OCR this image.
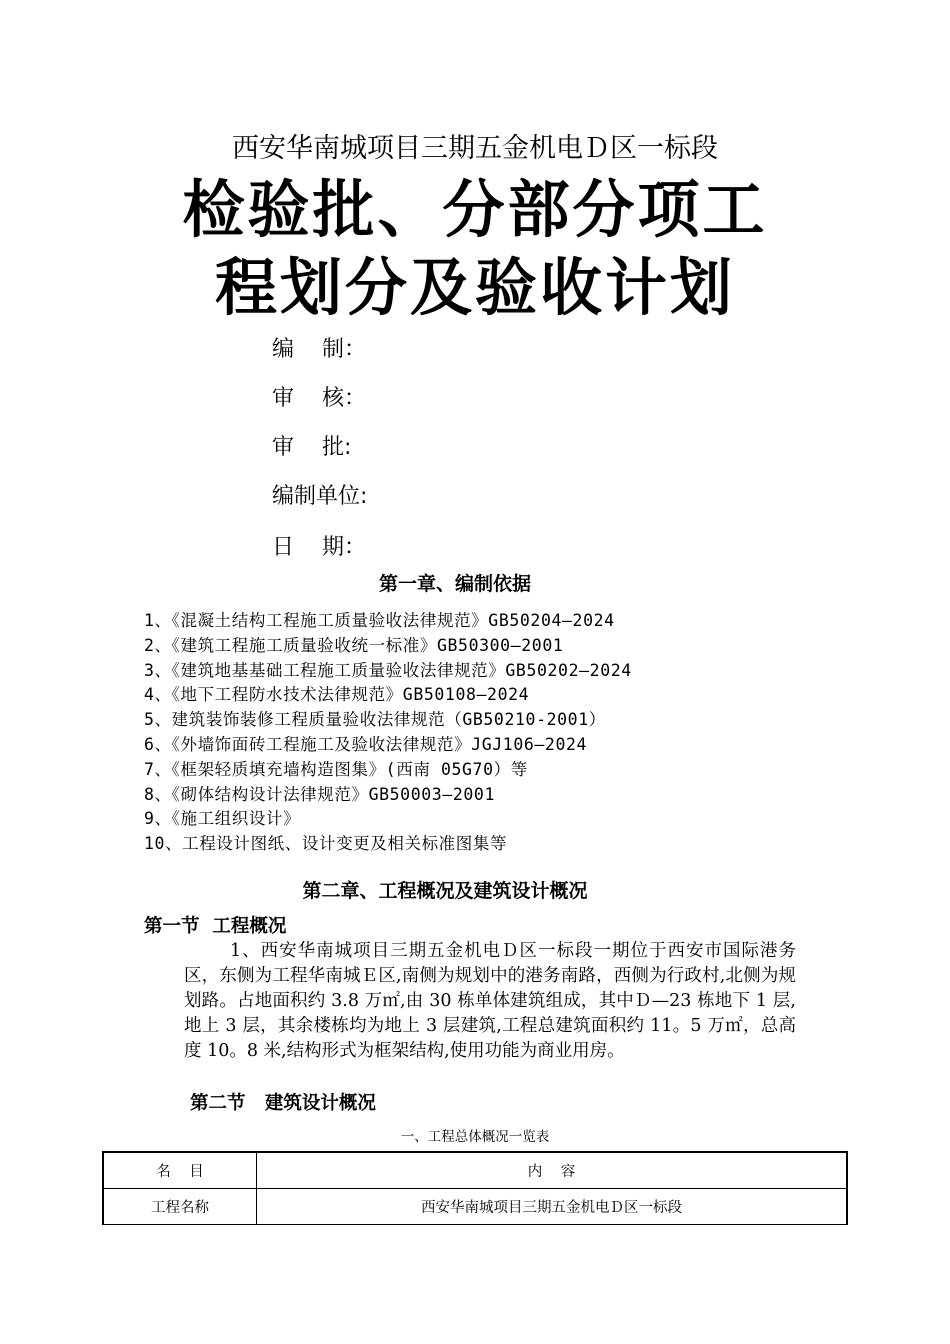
西安华南城项目三期五金机电Ｄ区一标段
检验批、分部分项工
程划分及验收计划
编    制：
审    核：
审    批:
编制单位:
日    期：
第一章、编制依据
1、《混凝土结构工程施工质量验收法律规范》GB50204—2024
2、《建筑工程施工质量验收统一标准》GB50300—2001
3、《建筑地基基础工程施工质量验收法律规范》GB50202—2024
4、《地下工程防水技术法律规范》GB50108—2024
5、建筑装饰装修工程质量验收法律规范（GB50210-2001）
6、《外墙饰面砖工程施工及验收法律规范》JGJ106—2024
7、《框架轻质填充墙构造图集》(西南 05G70）等
8、《砌体结构设计法律规范》GB50003—2001
9、《施工组织设计》
10、工程设计图纸、设计变更及相关标准图集等
第二章、工程概况及建筑设计概况
第一节  工程概况

1、西安华南城项目三期五金机电Ｄ区一标段一期位于西安市国际港务区，东侧为工程华南城Ｅ区,南侧为规划中的港务南路，西侧为行政村,北侧为规划路。占地面积约 3.8 万㎡,由 30 栋单体建筑组成，其中Ｄ—23 栋地下 1 层,地上 3 层，其余楼栋均为地上 3 层建筑,工程总建筑面积约 11。5 万㎡，总高度 10。8 米,结构形式为框架结构,使用功能为商业用房。

第二节   建筑设计概况
一、工程总体概况一览表
名    目	内    容
工程名称	西安华南城项目三期五金机电Ｄ区一标段
